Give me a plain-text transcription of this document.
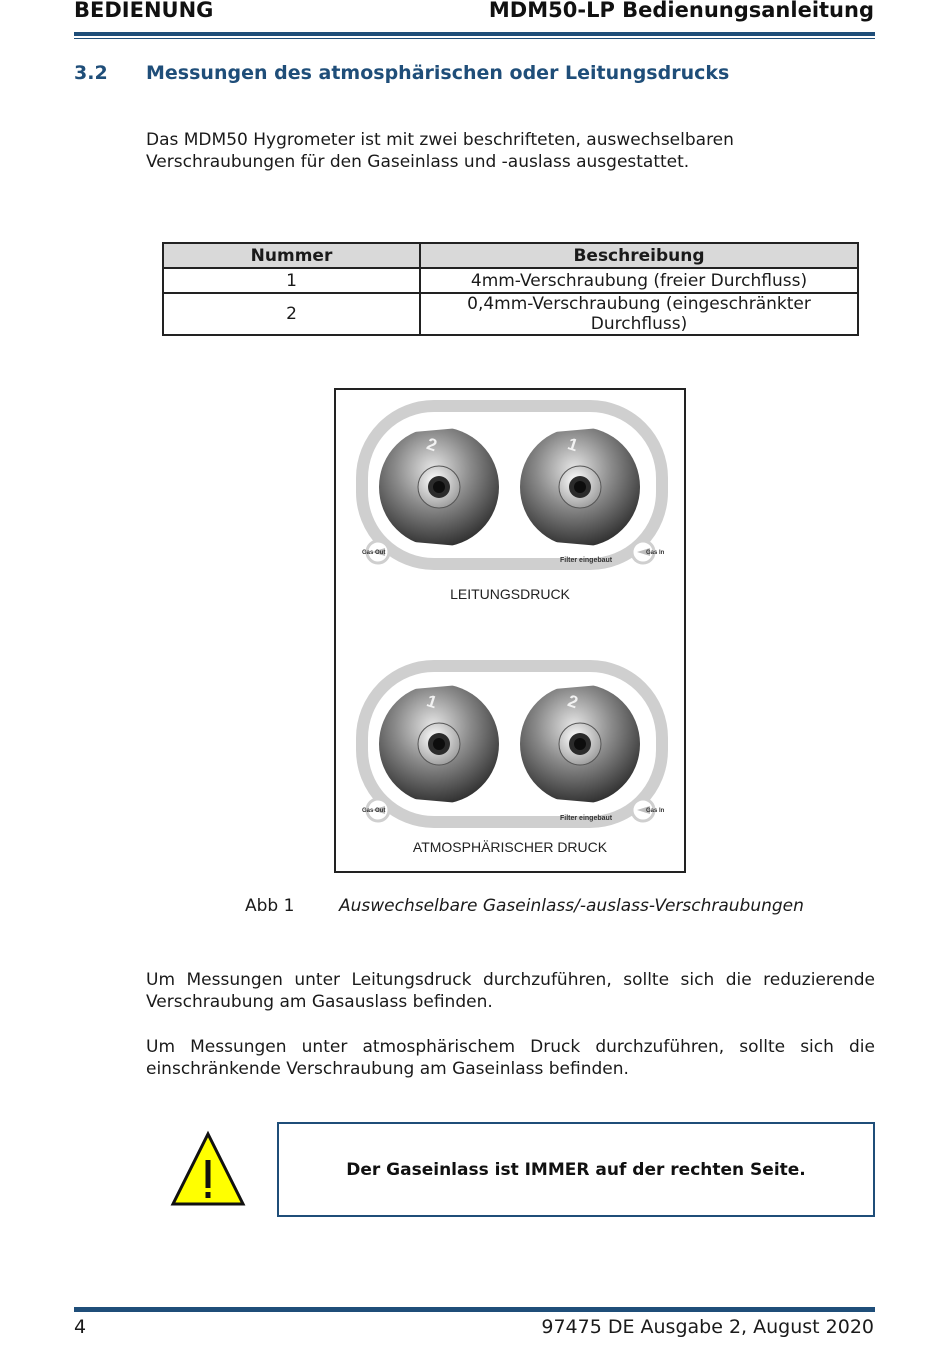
BEDIENUNG	MDM50-LP Bedienungsanleitung
3.2 Messungen des atmosphärischen oder Leitungsdrucks
Das MDM50 Hygrometer ist mit zwei beschrifteten, auswechselbaren Verschraubungen für den Gaseinlass und -auslass ausgestattet.
Nummer	Beschreibung
1	4mm-Verschraubung (freier Durchfluss)
2	0,4mm-Verschraubung (eingeschränkter Durchfluss)
2	1
Gas Out	Gas In
Filter eingebaut
1	2
Gas Out	Gas In
Filter eingebaut
LEITUNGSDRUCK
ATMOSPHÄRISCHER DRUCK
Abb 1	Auswechselbare Gaseinlass/-auslass-Verschraubungen
Um Messungen unter Leitungsdruck durchzuführen, sollte sich die reduzierende Verschraubung am Gasauslass befinden.
Um Messungen unter atmosphärischem Druck durchzuführen, sollte sich die einschränkende Verschraubung am Gaseinlass befinden.
Der Gaseinlass ist IMMER auf der rechten Seite.
4	97475 DE Ausgabe 2, August 2020
